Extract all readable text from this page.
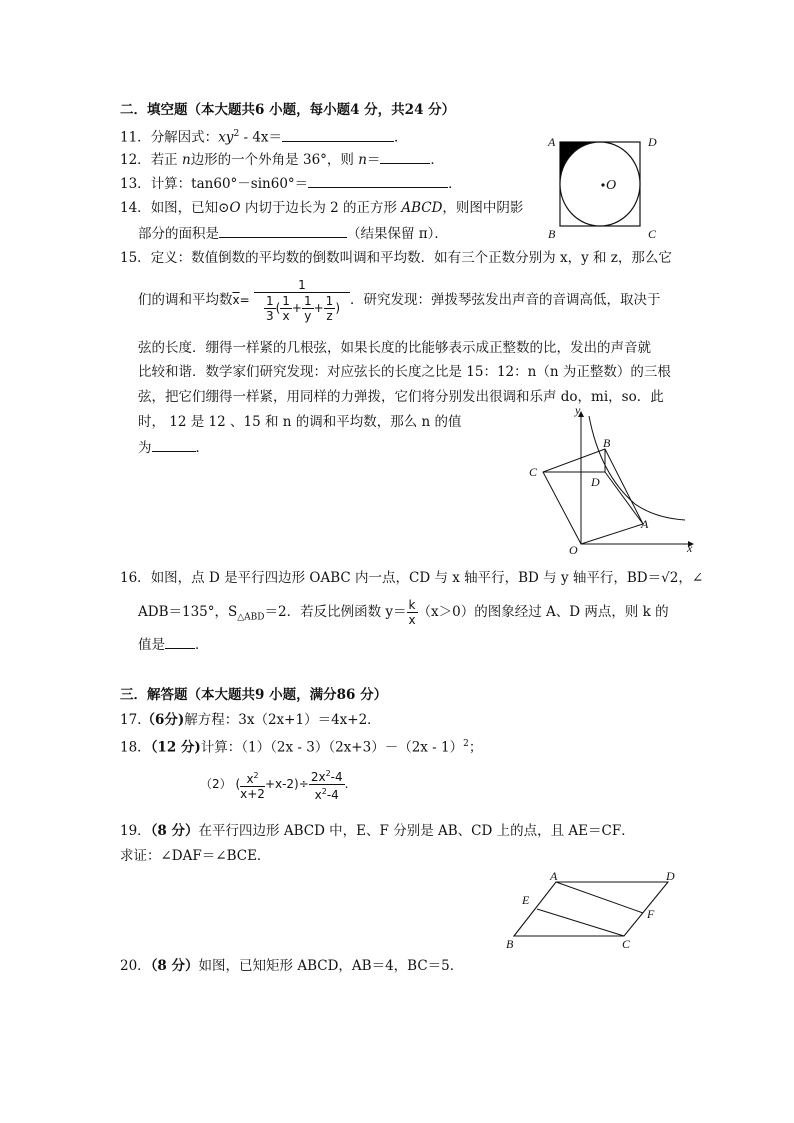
二．填空题（本大题共6 小题，每小题4 分，共24 分）
11．分解因式：$xy^2 - 4x=$	．
12．若正 n边形的一个外角是 36°，则 n＝	．
13．计算：tan60°－sin60°＝	．
14．如图，已知⊙O 内切于边长为 2 的正方形 ABCD，则图中阴影
部分的面积是	（结果保留 π）．
A	D
B	C
O
15．定义：数值倒数的平均数的倒数叫调和平均数．如有三个正数分别为 x，y 和 z，那么它
们的调和平均数$\overline{x}= \frac{1}{\frac{1}{3} ( \frac{1}{x} + \frac{1}{y} + \frac{1}{z} )}$ ．研究发现：弹拨琴弦发出声音的音调高低，取决于
弦的长度．绷得一样紧的几根弦，如果长度的比能够表示成正整数的比，发出的声音就
比较和谐．数学家们研究发现：对应弦长的长度之比是 15：12：n（n 为正整数）的三根
弦，把它们绷得一样紧，用同样的力弹拨，它们将分别发出很调和乐声 do，mi，so．此
时， 12 是 12 、15 和 n 的调和平均数，那么 n 的值
为	．
y
x
O
A
B
C
D
16．如图，点 D 是平行四边形 OABC 内一点，CD 与 x 轴平行，BD 与 y 轴平行，BD＝√2，∠
ADB＝135°，$S_{\triangle ABD}=2$．若反比例函数 $y= \frac{k}{x} (x>0)$的图象经过 A、D 两点，则 k 的
值是 ．
三．解答题（本大题共9 小题，满分86 分）
17.（6分)解方程：3x（2x+1）＝4x+2．
18．（12 分)计算：（1）（2x - 3）（2x+3）－（2x - 1）$^2$；
（2） ( $\frac{x^2}{x+2} +x-2)\div \frac{2x^2-4}{x^2-4}$ .
19．（8 分）在平行四边形 ABCD 中，E、F 分别是 AB、CD 上的点，且 AE＝CF．
求证：∠DAF＝∠BCE．
A	D
E
F
B	C
20．（8 分）如图，已知矩形 ABCD，AB＝4，BC＝5．
